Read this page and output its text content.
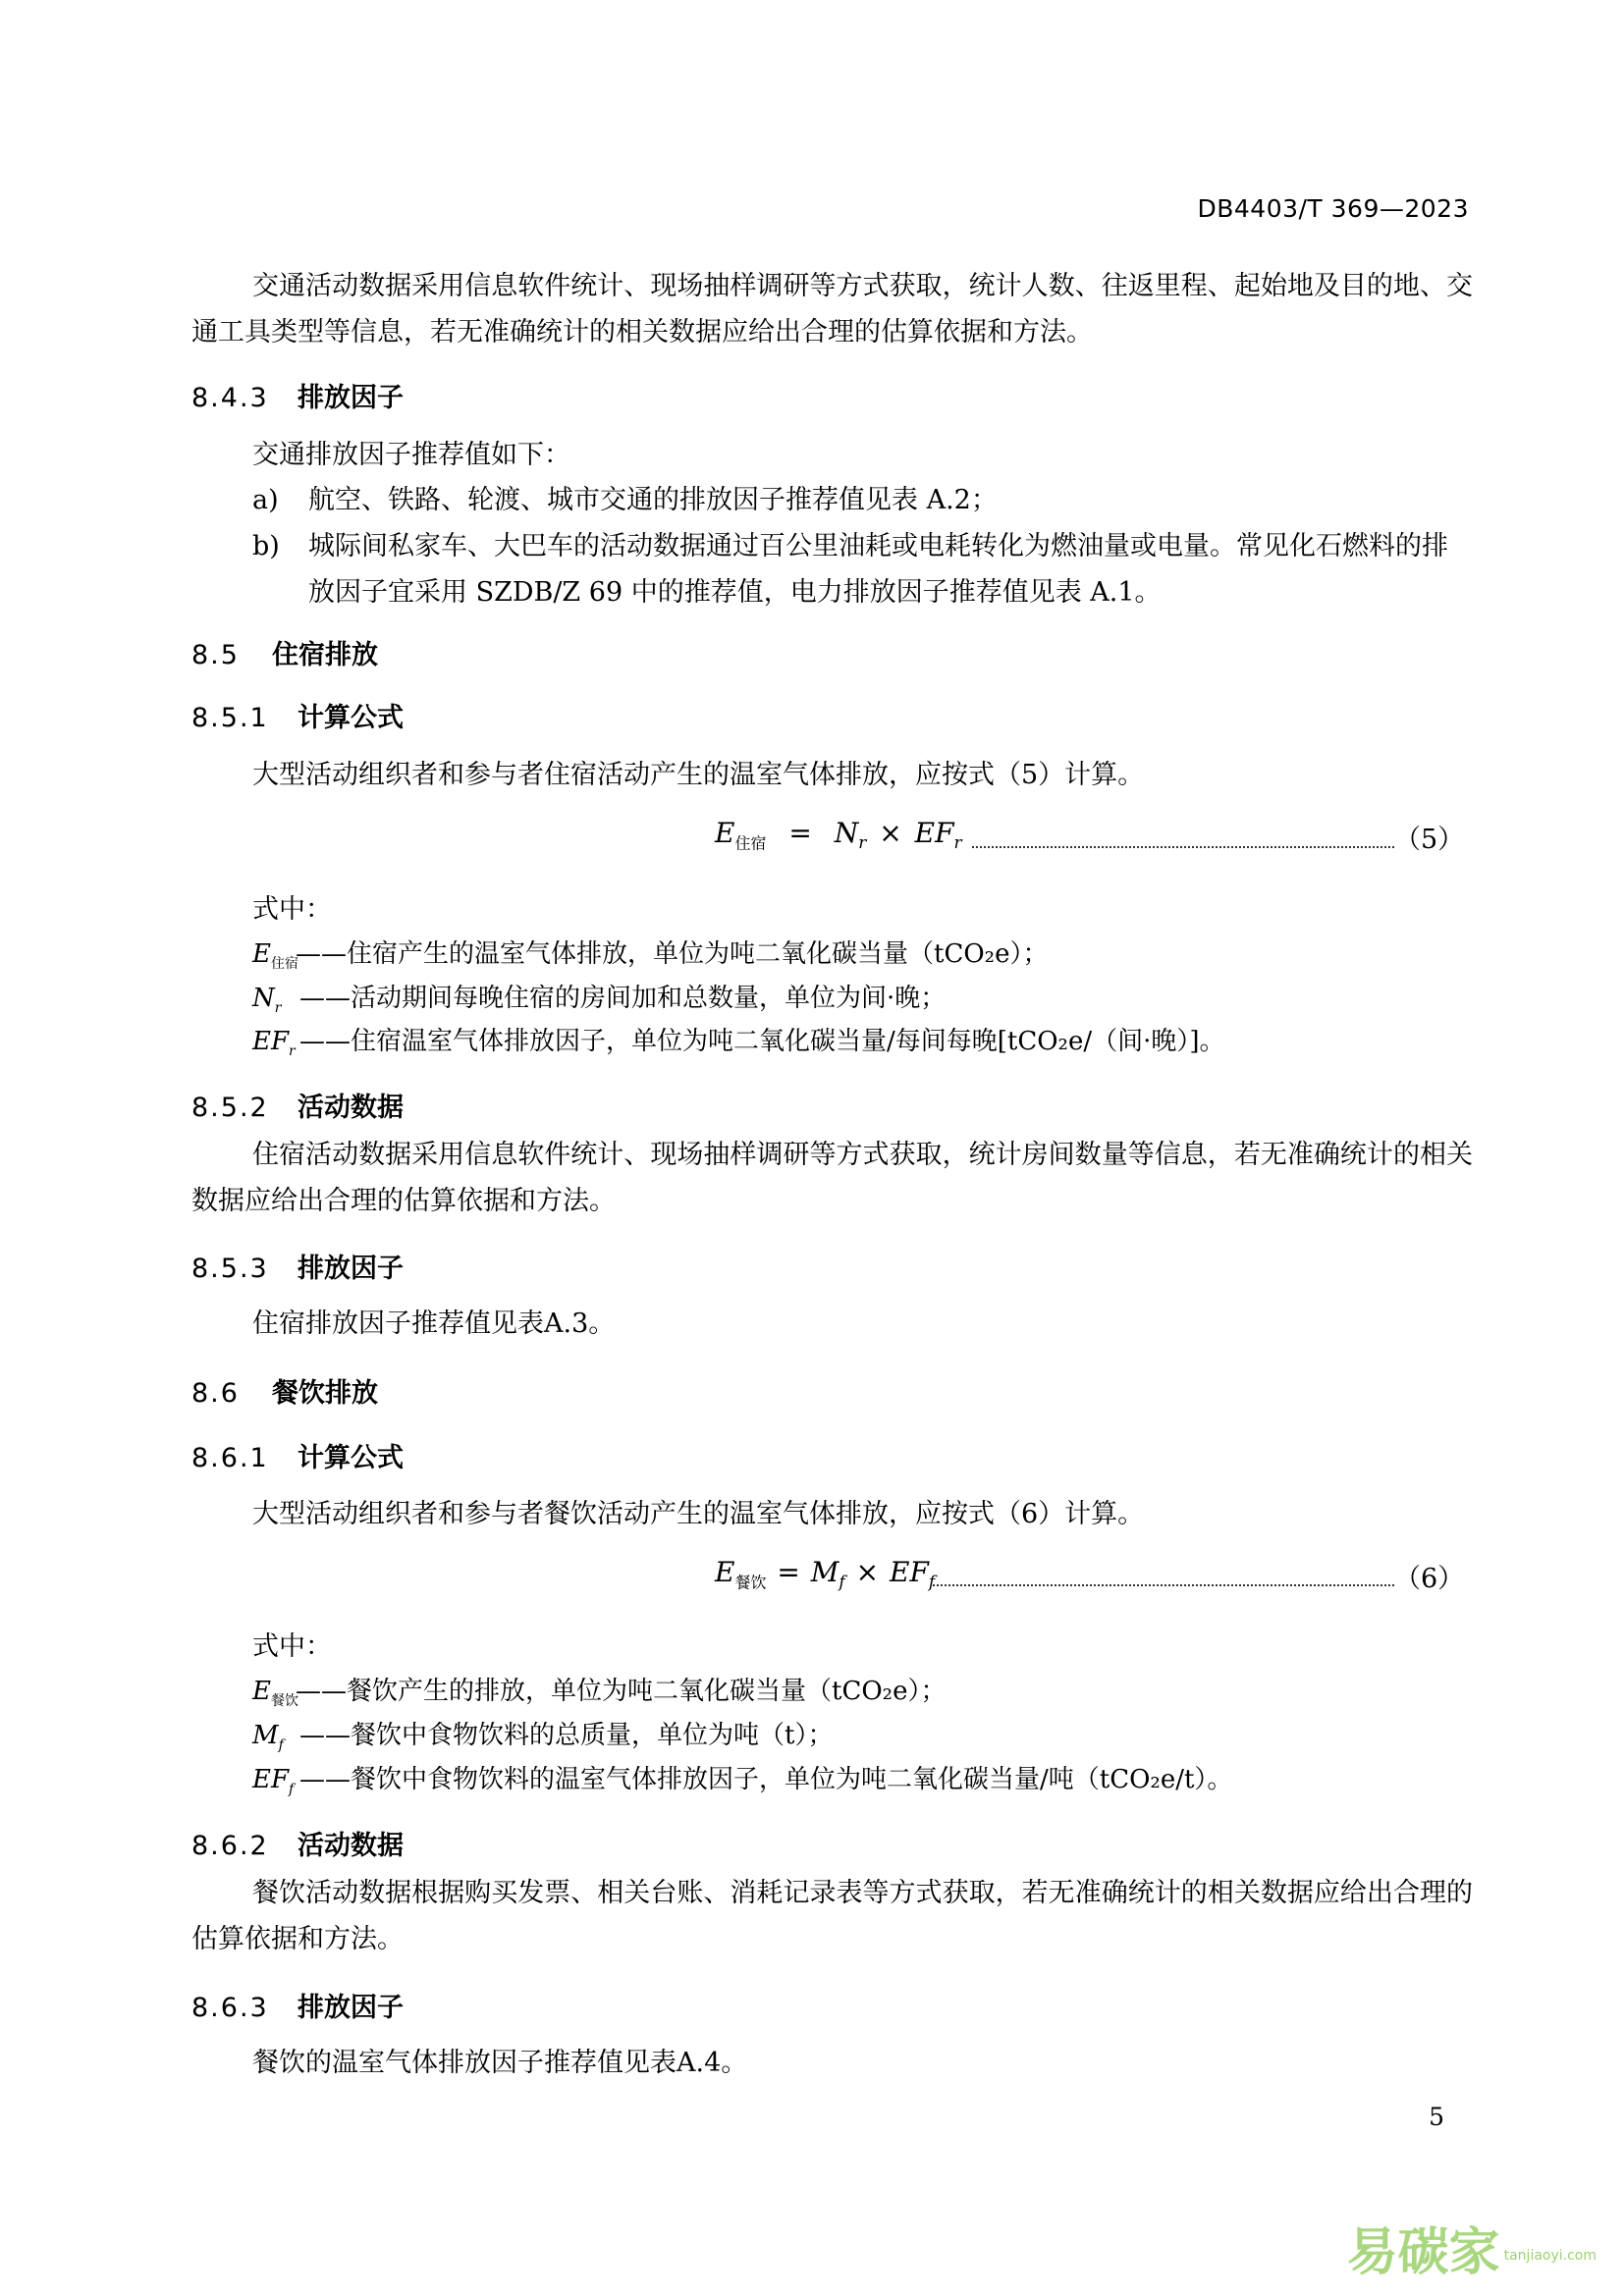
DB4403/T 369—2023
交通活动数据采用信息软件统计、现场抽样调研等方式获取，统计人数、往返里程、起始地及目的地、交通工具类型等信息，若无准确统计的相关数据应给出合理的估算依据和方法。
8.4.3 排放因子
交通排放因子推荐值如下：
a)	航空、铁路、轮渡、城市交通的排放因子推荐值见表 A.2；
b)	城际间私家车、大巴车的活动数据通过百公里油耗或电耗转化为燃油量或电量。常见化石燃料的排放因子宜采用 SZDB/Z 69 中的推荐值，电力排放因子推荐值见表 A.1。
8.5 住宿排放
8.5.1 计算公式
大型活动组织者和参与者住宿活动产生的温室气体排放，应按式（5）计算。
$E_{住宿} = N_r \times EF_r$	（5）
式中：
$E_{住宿}——$住宿产生的温室气体排放，单位为吨二氧化碳当量（tCO₂e）；
$N_r$ ——活动期间每晚住宿的房间加和总数量，单位为间·晚；
$EF_r$ ——住宿温室气体排放因子，单位为吨二氧化碳当量/每间每晚[tCO₂e/（间·晚）]。
8.5.2 活动数据
住宿活动数据采用信息软件统计、现场抽样调研等方式获取，统计房间数量等信息，若无准确统计的相关数据应给出合理的估算依据和方法。
8.5.3 排放因子
住宿排放因子推荐值见表A.3。
8.6 餐饮排放
8.6.1 计算公式
大型活动组织者和参与者餐饮活动产生的温室气体排放，应按式（6）计算。
$E_{餐饮} = M_f \times EF_f$	（6）
式中：
$E_{餐饮}——$餐饮产生的排放，单位为吨二氧化碳当量（tCO₂e）；
$M_f$ ——餐饮中食物饮料的总质量，单位为吨（t）；
$EF_f$ ——餐饮中食物饮料的温室气体排放因子，单位为吨二氧化碳当量/吨（tCO₂e/t）。
8.6.2 活动数据
餐饮活动数据根据购买发票、相关台账、消耗记录表等方式获取，若无准确统计的相关数据应给出合理的估算依据和方法。
8.6.3 排放因子
餐饮的温室气体排放因子推荐值见表A.4。
5
易碳家 tanjiaoyi.com
